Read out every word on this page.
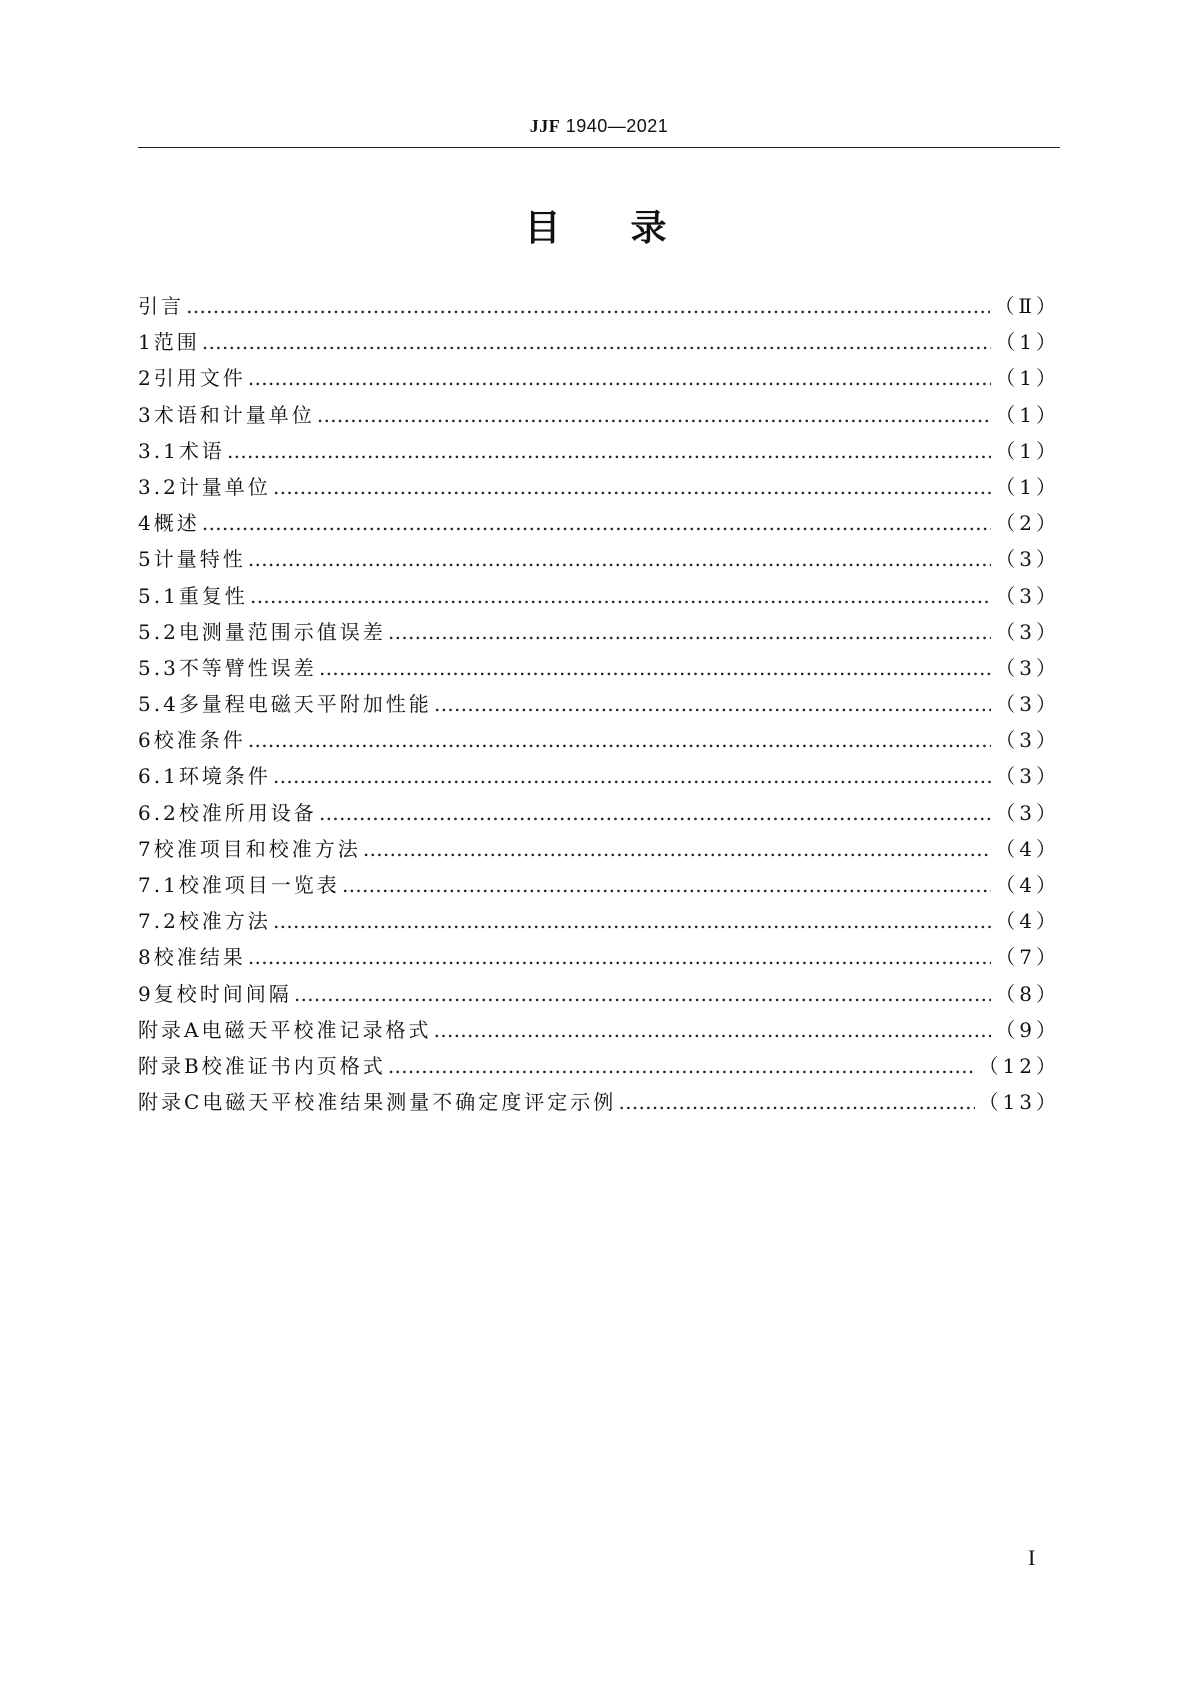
JJF 1940—2021
目录
引言 …………………………………………………………………………………………………………………………………………………………………………………………………………………………………………………………………………	（Ⅱ）
1 范围 …………………………………………………………………………………………………………………………………………………………………………………………………………………………………………………………………………	（1）
2 引用文件 …………………………………………………………………………………………………………………………………………………………………………………………………………………………………………………………………………	（1）
3 术语和计量单位 …………………………………………………………………………………………………………………………………………………………………………………………………………………………………………………………………………	（1）
3.1 术语 …………………………………………………………………………………………………………………………………………………………………………………………………………………………………………………………………………	（1）
3.2 计量单位 …………………………………………………………………………………………………………………………………………………………………………………………………………………………………………………………………………	（1）
4 概述 …………………………………………………………………………………………………………………………………………………………………………………………………………………………………………………………………………	（2）
5 计量特性 …………………………………………………………………………………………………………………………………………………………………………………………………………………………………………………………………………	（3）
5.1 重复性 …………………………………………………………………………………………………………………………………………………………………………………………………………………………………………………………………………	（3）
5.2 电测量范围示值误差 …………………………………………………………………………………………………………………………………………………………………………………………………………………………………………………………………………	（3）
5.3 不等臂性误差 …………………………………………………………………………………………………………………………………………………………………………………………………………………………………………………………………………	（3）
5.4 多量程电磁天平附加性能 …………………………………………………………………………………………………………………………………………………………………………………………………………………………………………………………………………	（3）
6 校准条件 …………………………………………………………………………………………………………………………………………………………………………………………………………………………………………………………………………	（3）
6.1 环境条件 …………………………………………………………………………………………………………………………………………………………………………………………………………………………………………………………………………	（3）
6.2 校准所用设备 …………………………………………………………………………………………………………………………………………………………………………………………………………………………………………………………………………	（3）
7 校准项目和校准方法 …………………………………………………………………………………………………………………………………………………………………………………………………………………………………………………………………………	（4）
7.1 校准项目一览表 …………………………………………………………………………………………………………………………………………………………………………………………………………………………………………………………………………	（4）
7.2 校准方法 …………………………………………………………………………………………………………………………………………………………………………………………………………………………………………………………………………	（4）
8 校准结果 …………………………………………………………………………………………………………………………………………………………………………………………………………………………………………………………………………	（7）
9 复校时间间隔 …………………………………………………………………………………………………………………………………………………………………………………………………………………………………………………………………………	（8）
附录A 电磁天平校准记录格式 …………………………………………………………………………………………………………………………………………………………………………………………………………………………………………………………………………	（9）
附录B 校准证书内页格式 …………………………………………………………………………………………………………………………………………………………………………………………………………………………………………………………………………	（12）
附录C 电磁天平校准结果测量不确定度评定示例 …………………………………………………………………………………………………………………………………………………………………………………………………………………………………………………………………………	（13）
I
